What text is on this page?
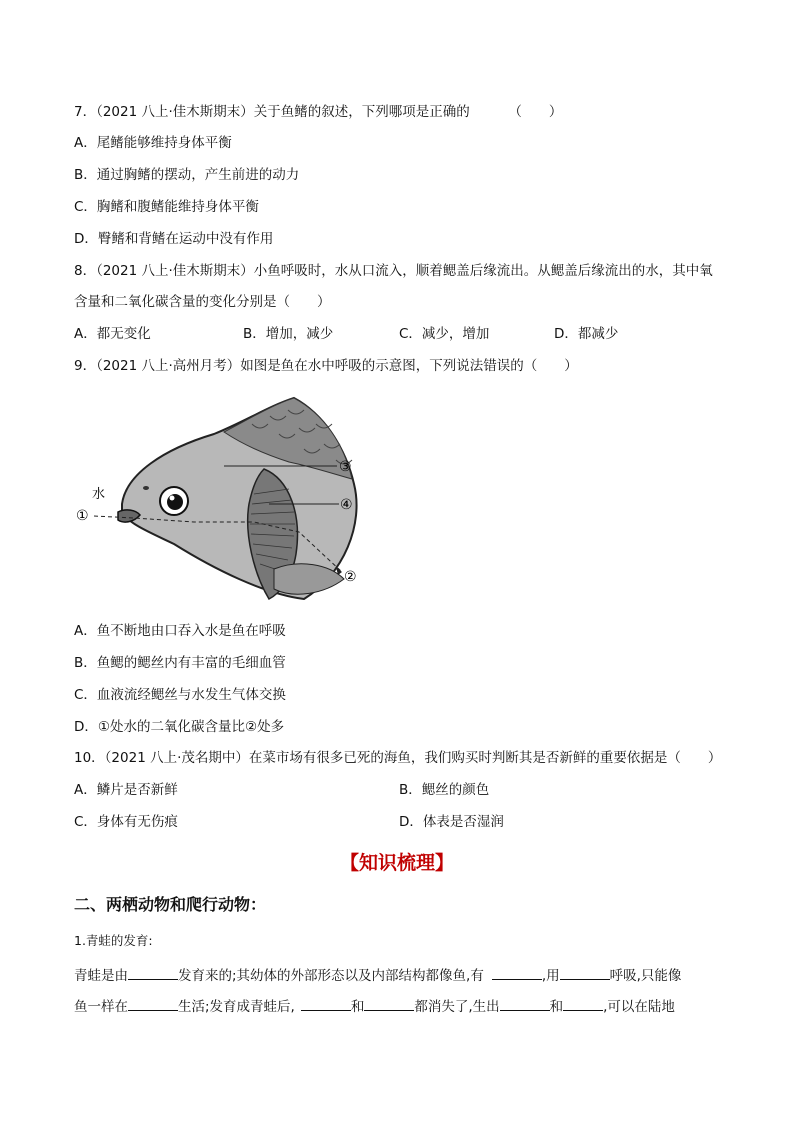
7．（2021 八上·佳木斯期末）关于鱼鳍的叙述，下列哪项是正确的	（　　）
A．尾鳍能够维持身体平衡
B．通过胸鳍的摆动，产生前进的动力
C．胸鳍和腹鳍能维持身体平衡
D．臀鳍和背鳍在运动中没有作用
8．（2021 八上·佳木斯期末）小鱼呼吸时，水从口流入，顺着鳃盖后缘流出。从鳃盖后缘流出的水，其中氧
含量和二氧化碳含量的变化分别是（　　）
A．都无变化	B．增加，减少	C．减少，增加	D．都减少
9．（2021 八上·高州月考）如图是鱼在水中呼吸的示意图，下列说法错误的（　　）
水
①
②
③
④
A．鱼不断地由口吞入水是鱼在呼吸
B．鱼鳃的鳃丝内有丰富的毛细血管
C．血液流经鳃丝与水发生气体交换
D．①处水的二氧化碳含量比②处多
10．（2021 八上·茂名期中）在菜市场有很多已死的海鱼，我们购买时判断其是否新鲜的重要依据是（　　）
A．鳞片是否新鲜	B．鳃丝的颜色
C．身体有无伤痕	D．体表是否湿润
【知识梳理】
二、两栖动物和爬行动物：
1.青蛙的发育:
青蛙是由	发育来的;其幼体的外部形态以及内部结构都像鱼,有	,用	呼吸,只能像
鱼一样在	生活;发育成青蛙后,	和	都消失了,生出	和	,可以在陆地
